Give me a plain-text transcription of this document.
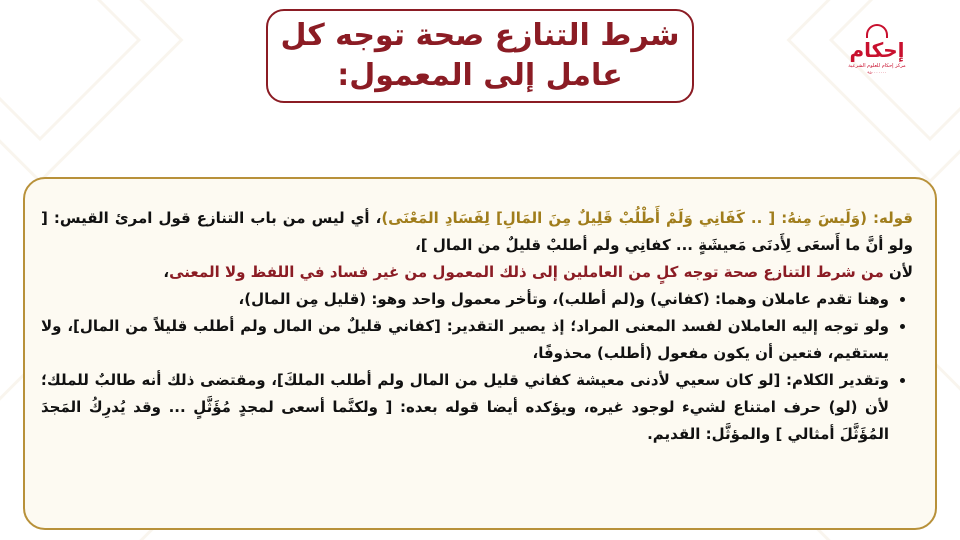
شرط التنازع صحة توجه كل
عامل إلى المعمول:
إحكام
مركز إحكام للعلوم الشرعية
٩٥٠٠٠٠٠٠٠

قوله: (وَلَيسَ مِنهُ: [ .. كَفَانِي وَلَمْ أَطْلُبْ قَلِيلٌ مِنَ المَالِ] لِفَسَادِ المَعْنَى)، أي ليس من باب التنازع قول امرئ القيس: [ ولو أنَّ ما أَسعَى لِأَدنَى مَعيشَةٍ ... كفانِي ولم أطلبْ قليلٌ من المال ]،

لأن من شرط التنازع صحة توجه كلٍ من العاملين إلى ذلك المعمول من غير فساد في اللفظ ولا المعنى،

• وهنا تقدم عاملان وهما: (كفاني) و(لم أطلب)، وتأخر معمول واحد وهو: (قليل مِن المال)،
• ولو توجه إليه العاملان لفسد المعنى المراد؛ إذ يصير التقدير: [كفاني قليلٌ من المال ولم أطلب قليلاً من المال]، ولا يستقيم، فتعين أن يكون مفعول (أطلب) محذوفًا،
• وتقدير الكلام: [لو كان سعيي لأدنى معيشة كفاني قليل من المال ولم أطلب الملكَ]، ومقتضى ذلك أنه طالبٌ للملك؛ لأن (لو) حرف امتناع لشيء لوجود غيره، ويؤكده أيضا قوله بعده: [ ولكنَّما أسعى لمجدٍ مُؤَثَّلٍ ... وقد يُدرِكُ المَجدَ المُؤَثَّلَ أمثالي ] والمؤثَّل: القديم.
